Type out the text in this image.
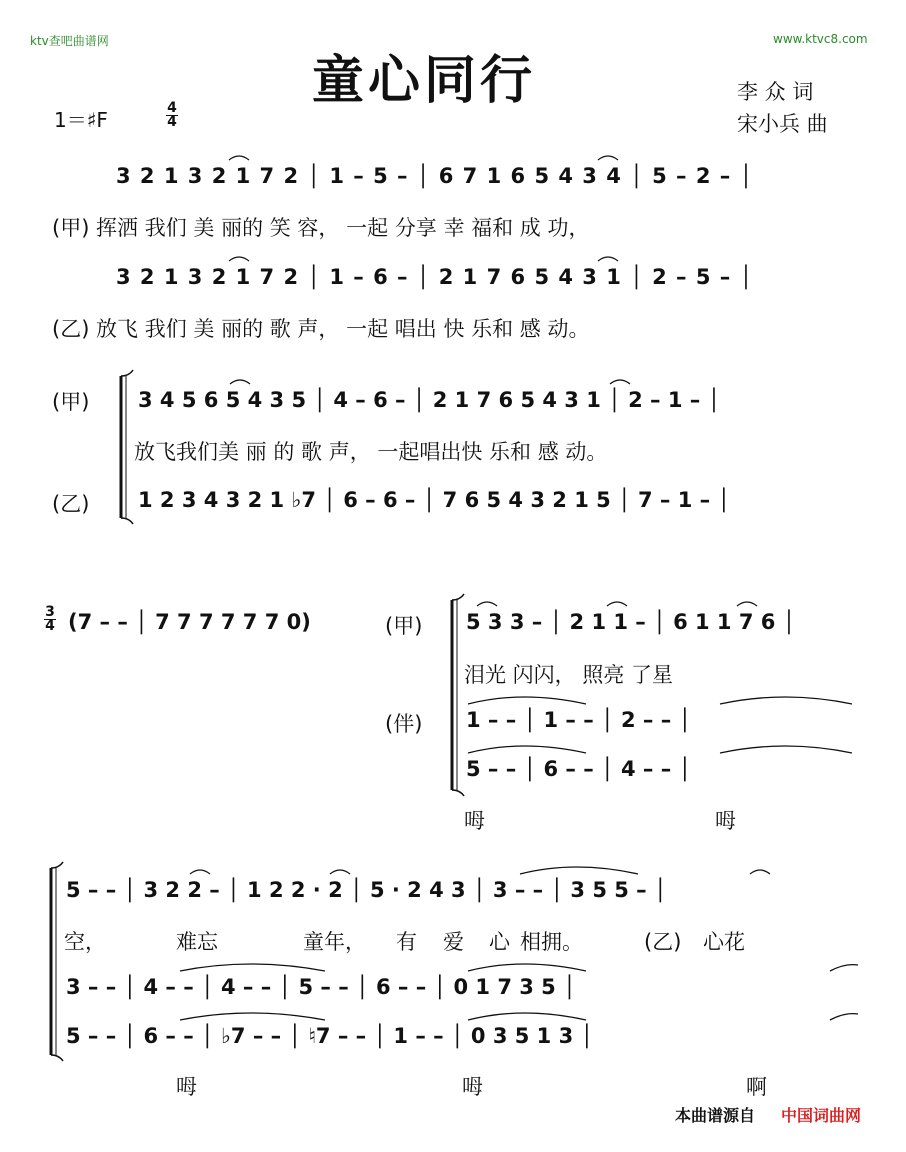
ktv查吧曲谱网	www.ktvc8.com
童心同行	李 众 词
宋小兵 曲
1＝♯F	4
4
3 2 1 3 2 1 7 2 │ 1 – 5 – │ 6 7 1 6 5 4 3 4 │ 5 – 2 – │
(甲) 挥洒 我们 美 丽的 笑 容， 一起 分享 幸 福和 成 功，
3 2 1 3 2 1 7 2 │ 1 – 6 – │ 2 1 7 6 5 4 3 1 │ 2 – 5 – │
(乙) 放飞 我们 美 丽的 歌 声， 一起 唱出 快 乐和 感 动。
(甲) 3 4 5 6 5 4 3 5 │ 4 – 6 – │ 2 1 7 6 5 4 3 1 │ 2 – 1 – │
放飞我们美 丽 的 歌 声， 一起唱出快 乐和 感 动。
(乙) 1 2 3 4 3 2 1 ♭7 │ 6 – 6 – │ 7 6 5 4 3 2 1 5 │ 7 – 1 – │
3
4 (7 – – │ 7 7 7 7 7 7 0)	(甲) 5 3 3 – │ 2 1 1 – │ 6 1 1 7 6 │
泪光 闪闪， 照亮 了星
(伴) 1 – – │ 1 – – │ 2 – – │
5 – – │ 6 – – │ 4 – – │
呣	呣
5 – – │ 3 2 2 – │ 1 2 2 · 2 │ 5 · 2 4 3 │ 3 – – │ 3 5 5 – │
空，	难忘	童年， 有 爱 心 相拥。	(乙) 心花
3 – – │ 4 – – │ 4 – – │ 5 – – │ 6 – – │ 0 1 7 3 5 │
5 – – │ 6 – – │ ♭7 – – │ ♮7 – – │ 1 – – │ 0 3 5 1 3 │
呣	呣	啊
本曲谱源自 中国词曲网
